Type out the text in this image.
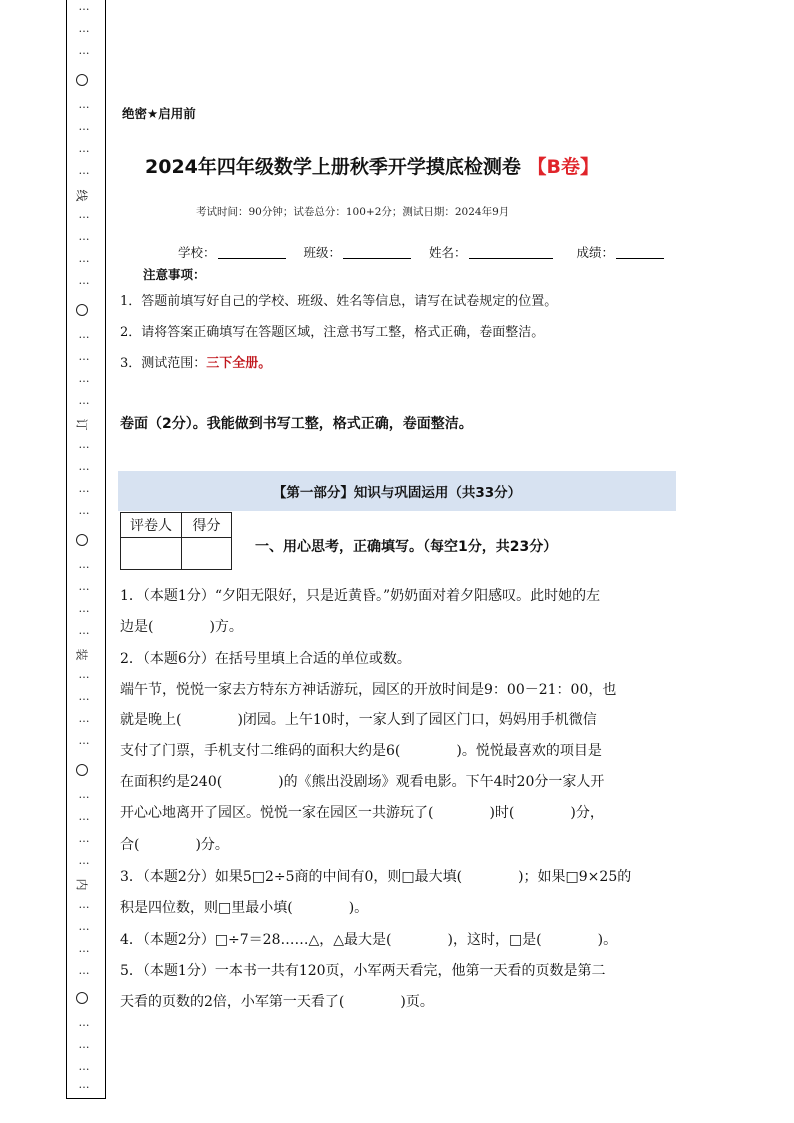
…
…
…
…
…
…
…
线
…
…
…
…
…
…
…
…
订
…
…
…
…
…
…
…
…
装
…
…
…
…
…
…
…
…
内
…
…
…
…
…
…
…
…
绝密★启用前
2024年四年级数学上册秋季开学摸底检测卷 【B卷】
考试时间：90分钟；试卷总分：100+2分；测试日期：2024年9月
学校：	班级：	姓名：	成绩：
注意事项：
1．答题前填写好自己的学校、班级、姓名等信息，请写在试卷规定的位置。
2．请将答案正确填写在答题区域，注意书写工整，格式正确，卷面整洁。
3．测试范围：三下全册。
卷面（2分）。我能做到书写工整，格式正确，卷面整洁。
【第一部分】知识与巩固运用（共33分）
评卷人	得分

一、用心思考，正确填写。（每空1分，共23分）
1．（本题1分）“夕阳无限好，只是近黄昏。”奶奶面对着夕阳感叹。此时她的左
边是(　　　　)方。
2．（本题6分）在括号里填上合适的单位或数。
端午节，悦悦一家去方特东方神话游玩，园区的开放时间是9：00－21：00，也
就是晚上(　　　　)闭园。上午10时，一家人到了园区门口，妈妈用手机微信
支付了门票，手机支付二维码的面积大约是6(　　　　)。悦悦最喜欢的项目是
在面积约是240(　　　　)的《熊出没剧场》观看电影。下午4时20分一家人开
开心心地离开了园区。悦悦一家在园区一共游玩了(　　　　)时(　　　　)分，
合(　　　　)分。
3．（本题2分）如果5□2÷5商的中间有0，则□最大填(　　　　)；如果□9×25的
积是四位数，则□里最小填(　　　　)。
4．（本题2分）□÷7＝28……△，△最大是(　　　　)，这时，□是(　　　　)。
5．（本题1分）一本书一共有120页，小军两天看完，他第一天看的页数是第二
天看的页数的2倍，小军第一天看了(　　　　)页。
